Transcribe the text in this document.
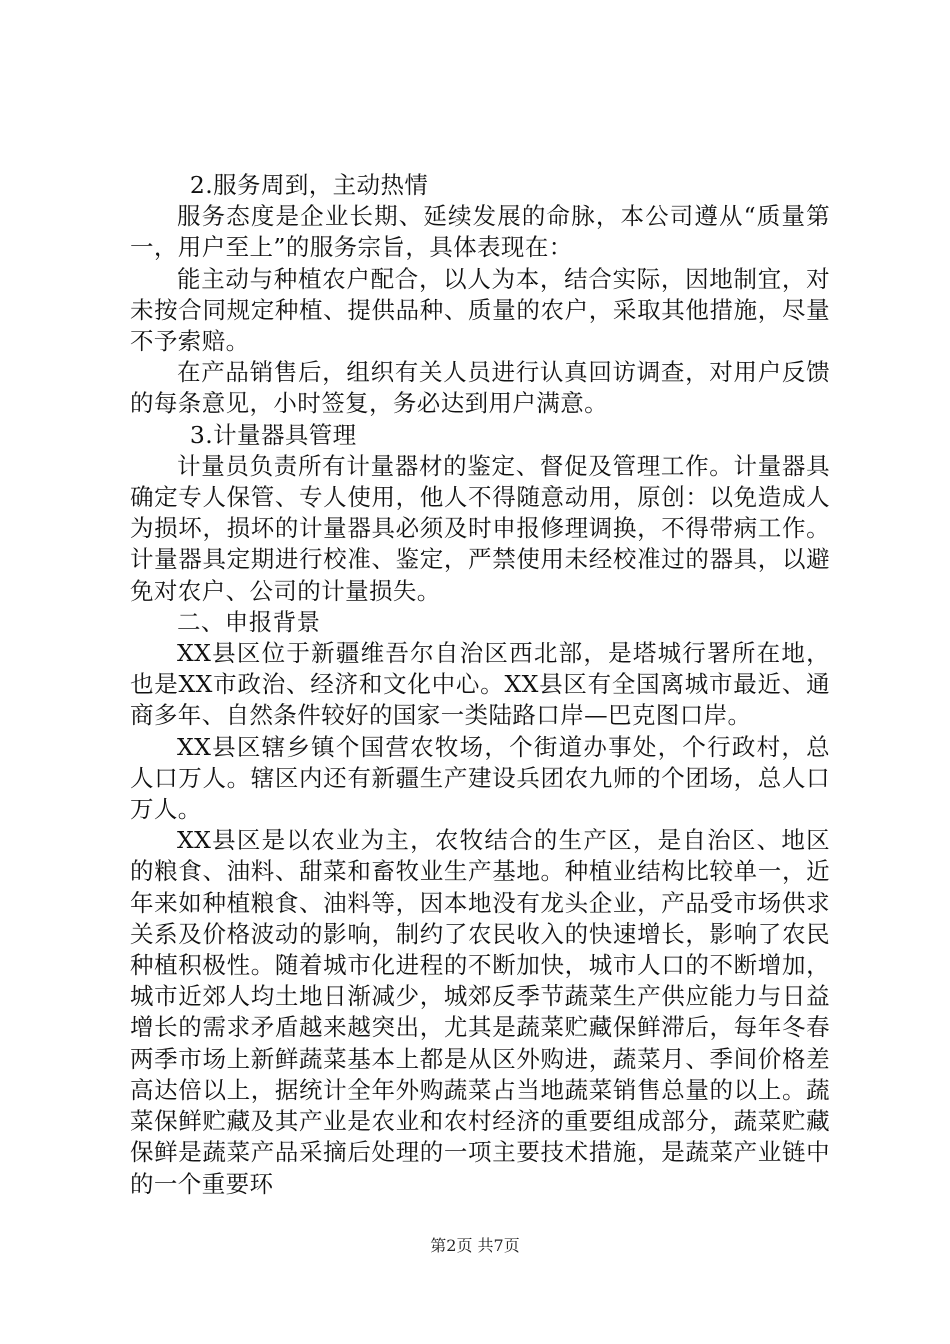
2.服务周到，主动热情

服务态度是企业长期、延续发展的命脉，本公司遵从“质量第一，用户至上”的服务宗旨，具体表现在：

能主动与种植农户配合，以人为本，结合实际，因地制宜，对未按合同规定种植、提供品种、质量的农户，采取其他措施，尽量不予索赔。

在产品销售后，组织有关人员进行认真回访调查，对用户反馈的每条意见，小时签复，务必达到用户满意。

3.计量器具管理

计量员负责所有计量器材的鉴定、督促及管理工作。计量器具确定专人保管、专人使用，他人不得随意动用，原创：以免造成人为损坏，损坏的计量器具必须及时申报修理调换，不得带病工作。计量器具定期进行校准、鉴定，严禁使用未经校准过的器具，以避免对农户、公司的计量损失。

二、申报背景

XX县区位于新疆维吾尔自治区西北部，是塔城行署所在地，也是XX市政治、经济和文化中心。XX县区有全国离城市最近、通商多年、自然条件较好的国家一类陆路口岸—巴克图口岸。

XX县区辖乡镇个国营农牧场，个街道办事处，个行政村，总人口万人。辖区内还有新疆生产建设兵团农九师的个团场，总人口万人。

XX县区是以农业为主，农牧结合的生产区，是自治区、地区的粮食、油料、甜菜和畜牧业生产基地。种植业结构比较单一，近年来如种植粮食、油料等，因本地没有龙头企业，产品受市场供求关系及价格波动的影响，制约了农民收入的快速增长，影响了农民种植积极性。随着城市化进程的不断加快，城市人口的不断增加，城市近郊人均土地日渐减少，城郊反季节蔬菜生产供应能力与日益增长的需求矛盾越来越突出，尤其是蔬菜贮藏保鲜滞后，每年冬春两季市场上新鲜蔬菜基本上都是从区外购进，蔬菜月、季间价格差高达倍以上，据统计全年外购蔬菜占当地蔬菜销售总量的以上。蔬菜保鲜贮藏及其产业是农业和农村经济的重要组成部分，蔬菜贮藏保鲜是蔬菜产品采摘后处理的一项主要技术措施，是蔬菜产业链中的一个重要环

第2页 共7页
